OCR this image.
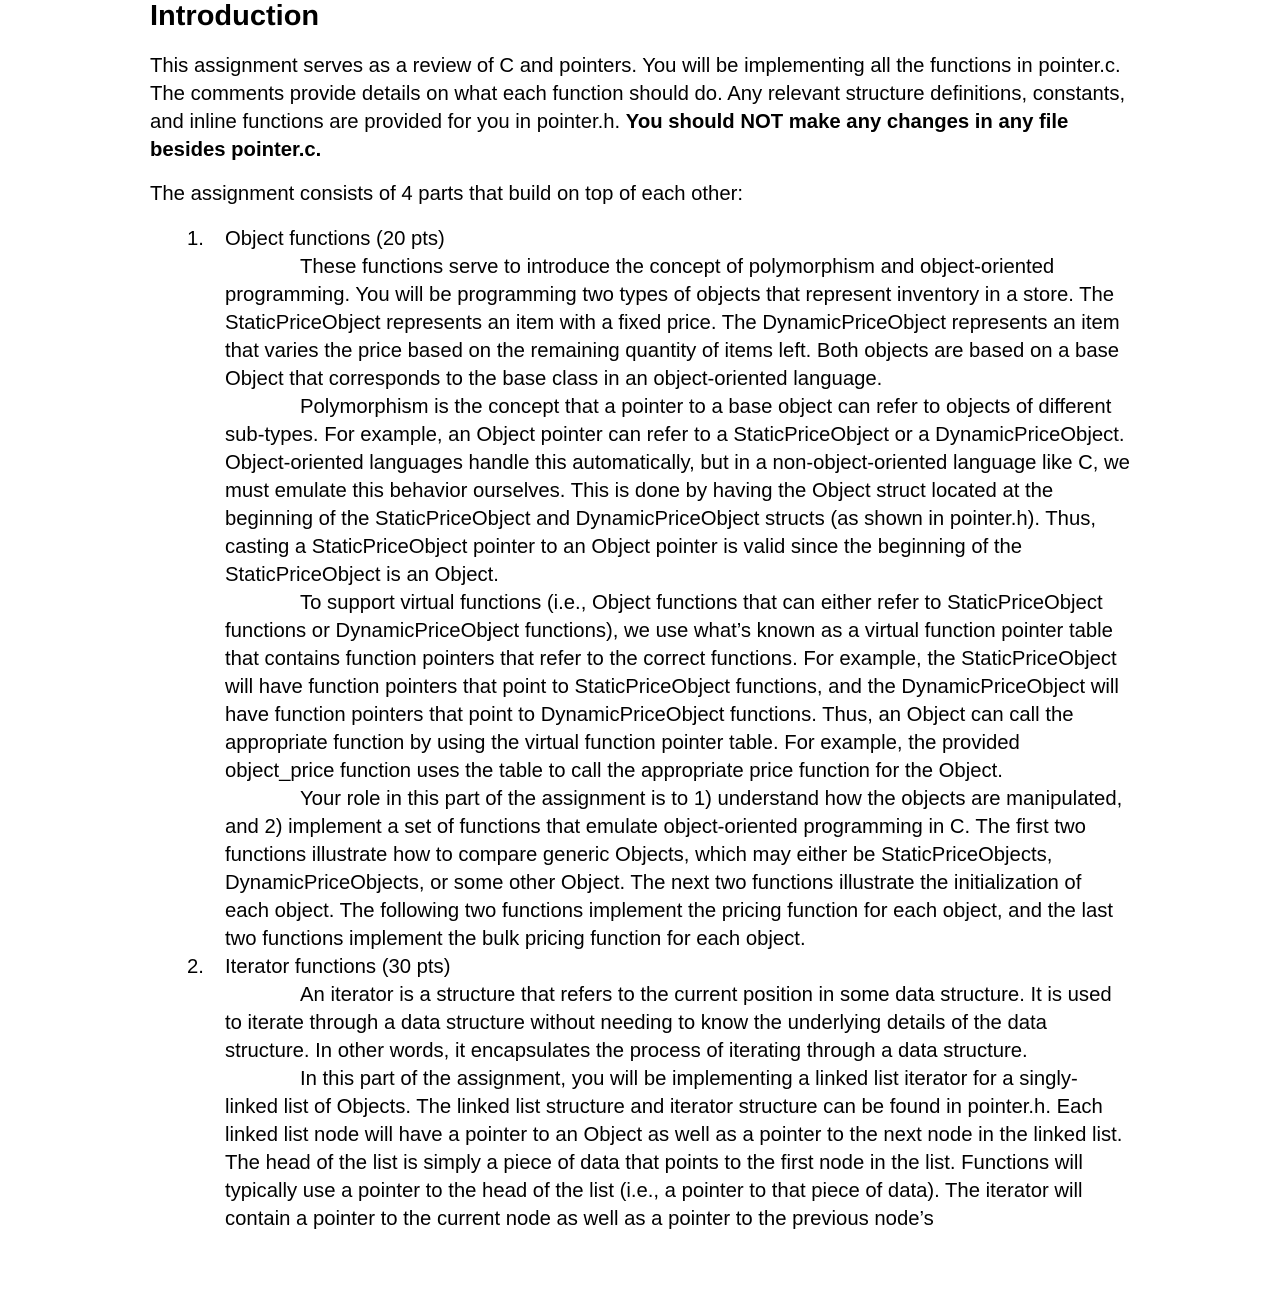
Introduction

This assignment serves as a review of C and pointers. You will be implementing all the functions in pointer.c. The comments provide details on what each function should do. Any relevant structure definitions, constants, and inline functions are provided for you in pointer.h. You should NOT make any changes in any file besides pointer.c.

The assignment consists of 4 parts that build on top of each other:

1. Object functions (20 pts)

These functions serve to introduce the concept of polymorphism and object-oriented programming. You will be programming two types of objects that represent inventory in a store. The StaticPriceObject represents an item with a fixed price. The DynamicPriceObject represents an item that varies the price based on the remaining quantity of items left. Both objects are based on a base Object that corresponds to the base class in an object-oriented language.

Polymorphism is the concept that a pointer to a base object can refer to objects of different sub-types. For example, an Object pointer can refer to a StaticPriceObject or a DynamicPriceObject. Object-oriented languages handle this automatically, but in a non-object-oriented language like C, we must emulate this behavior ourselves. This is done by having the Object struct located at the beginning of the StaticPriceObject and DynamicPriceObject structs (as shown in pointer.h). Thus, casting a StaticPriceObject pointer to an Object pointer is valid since the beginning of the StaticPriceObject is an Object.

To support virtual functions (i.e., Object functions that can either refer to StaticPriceObject functions or DynamicPriceObject functions), we use what’s known as a virtual function pointer table that contains function pointers that refer to the correct functions. For example, the StaticPriceObject will have function pointers that point to StaticPriceObject functions, and the DynamicPriceObject will have function pointers that point to DynamicPriceObject functions. Thus, an Object can call the appropriate function by using the virtual function pointer table. For example, the provided object_price function uses the table to call the appropriate price function for the Object.

Your role in this part of the assignment is to 1) understand how the objects are manipulated, and 2) implement a set of functions that emulate object-oriented programming in C. The first two functions illustrate how to compare generic Objects, which may either be StaticPriceObjects, DynamicPriceObjects, or some other Object. The next two functions illustrate the initialization of each object. The following two functions implement the pricing function for each object, and the last two functions implement the bulk pricing function for each object.

2. Iterator functions (30 pts)

An iterator is a structure that refers to the current position in some data structure. It is used to iterate through a data structure without needing to know the underlying details of the data structure. In other words, it encapsulates the process of iterating through a data structure.

In this part of the assignment, you will be implementing a linked list iterator for a singly-linked list of Objects. The linked list structure and iterator structure can be found in pointer.h. Each linked list node will have a pointer to an Object as well as a pointer to the next node in the linked list. The head of the list is simply a piece of data that points to the first node in the list. Functions will typically use a pointer to the head of the list (i.e., a pointer to that piece of data). The iterator will contain a pointer to the current node as well as a pointer to the previous node’s
